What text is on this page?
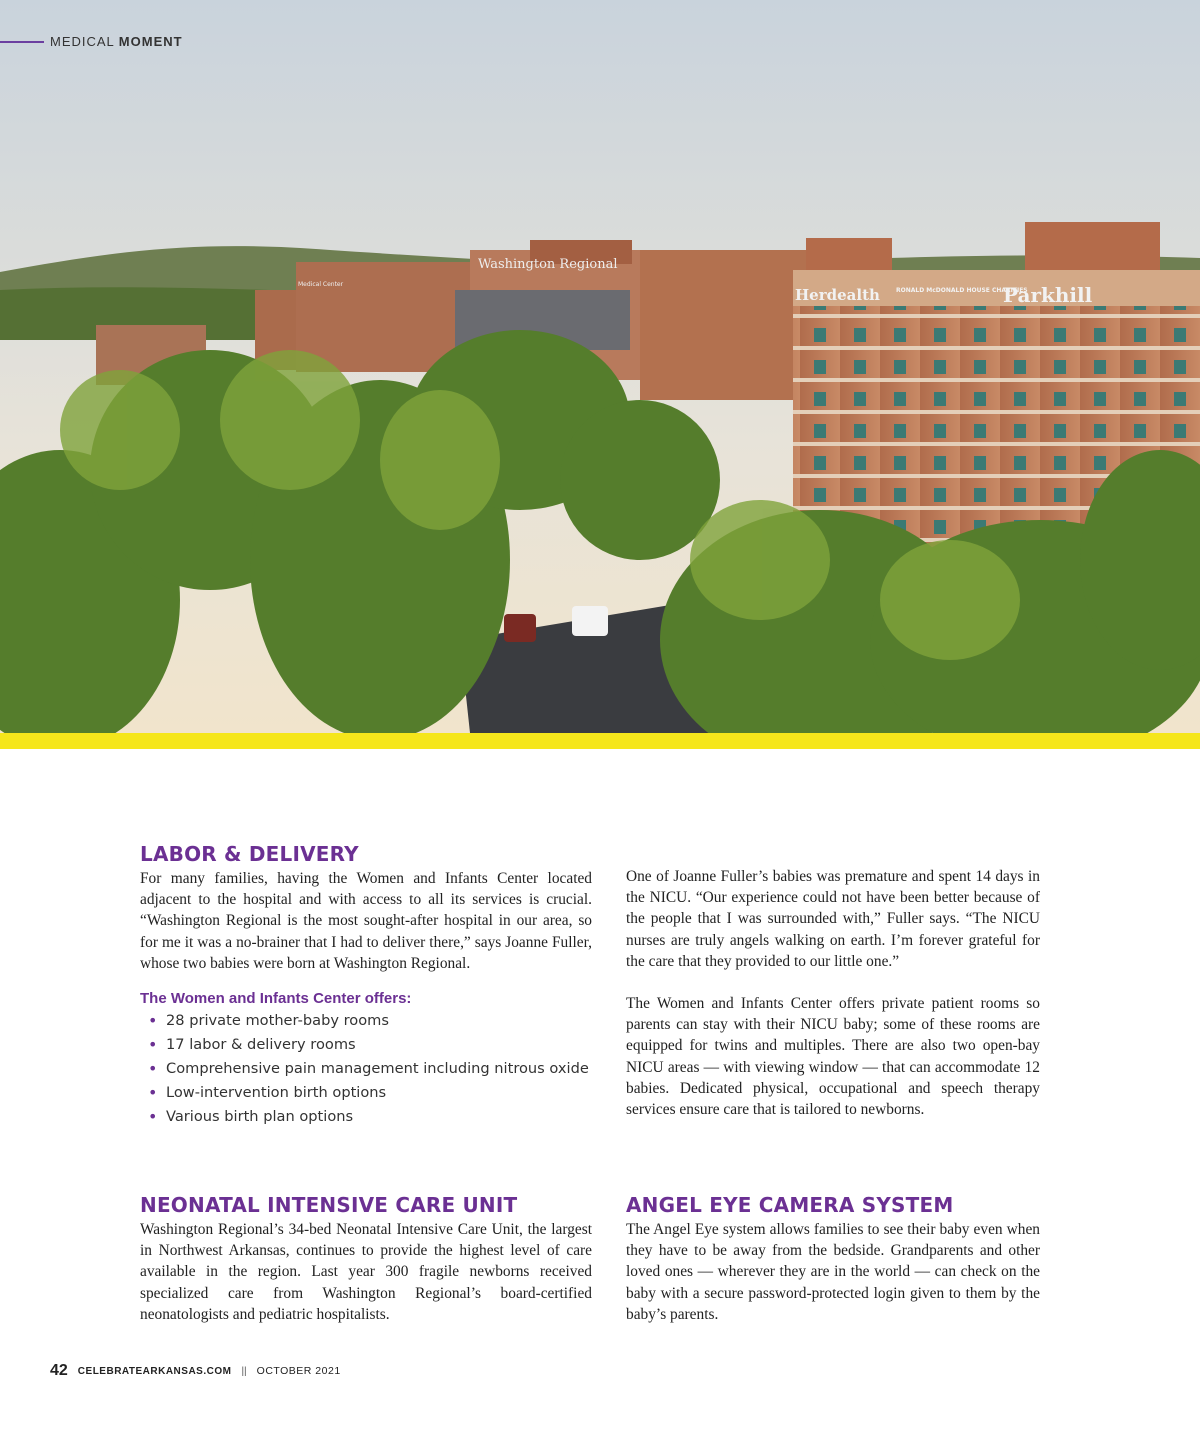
Washington Regional
Medical Center
Herdealth	RONALD McDONALD HOUSE CHARITIES
Parkhill
MEDICAL MOMENT
LABOR & DELIVERY

For many families, having the Women and Infants Center located adjacent to the hospital and with access to all its services is crucial. “Washington Regional is the most sought-after hospital in our area, so for me it was a no-brainer that I had to deliver there,” says Joanne Fuller, whose two babies were born at Washington Regional.

The Women and Infants Center offers:
• 28 private mother-baby rooms
• 17 labor & delivery rooms
• Comprehensive pain management including nitrous oxide
• Low-intervention birth options
• Various birth plan options

One of Joanne Fuller’s babies was premature and spent 14 days in the NICU. “Our experience could not have been better because of the people that I was surrounded with,” Fuller says. “The NICU nurses are truly angels walking on earth. I’m forever grateful for the care that they provided to our little one.”

The Women and Infants Center offers private patient rooms so parents can stay with their NICU baby; some of these rooms are equipped for twins and multiples. There are also two open-bay NICU areas — with viewing window — that can accommodate 12 babies. Dedicated physical, occupational and speech therapy services ensure care that is tailored to newborns.

NEONATAL INTENSIVE CARE UNIT

Washington Regional’s 34-bed Neonatal Intensive Care Unit, the largest in Northwest Arkansas, continues to provide the highest level of care available in the region. Last year 300 fragile newborns received specialized care from Washington Regional’s board-certified neonatologists and pediatric hospitalists.

ANGEL EYE CAMERA SYSTEM

The Angel Eye system allows families to see their baby even when they have to be away from the bedside. Grandparents and other loved ones — wherever they are in the world — can check on the baby with a secure password-protected login given to them by the baby’s parents.

42 CELEBRATEARKANSAS.COM || OCTOBER 2021
